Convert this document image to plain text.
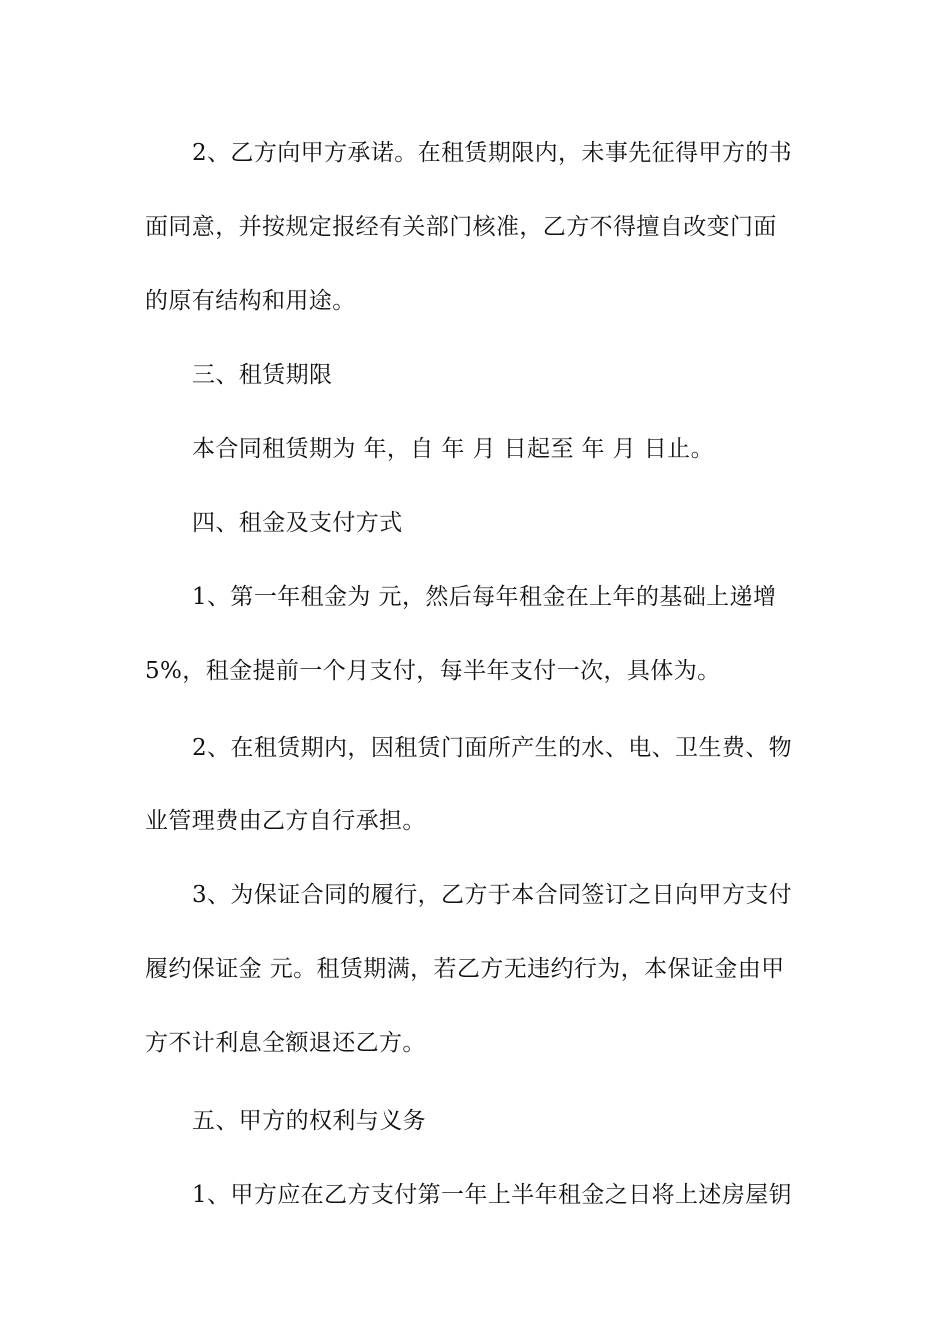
2、乙方向甲方承诺。在租赁期限内，未事先征得甲方的书
面同意，并按规定报经有关部门核准，乙方不得擅自改变门面
的原有结构和用途。
三、租赁期限
本合同租赁期为 年，自 年 月 日起至 年 月 日止。
四、租金及支付方式
1、第一年租金为 元，然后每年租金在上年的基础上递增
5%，租金提前一个月支付，每半年支付一次，具体为。
2、在租赁期内，因租赁门面所产生的水、电、卫生费、物
业管理费由乙方自行承担。
3、为保证合同的履行，乙方于本合同签订之日向甲方支付
履约保证金 元。租赁期满，若乙方无违约行为，本保证金由甲
方不计利息全额退还乙方。
五、甲方的权利与义务
1、甲方应在乙方支付第一年上半年租金之日将上述房屋钥
